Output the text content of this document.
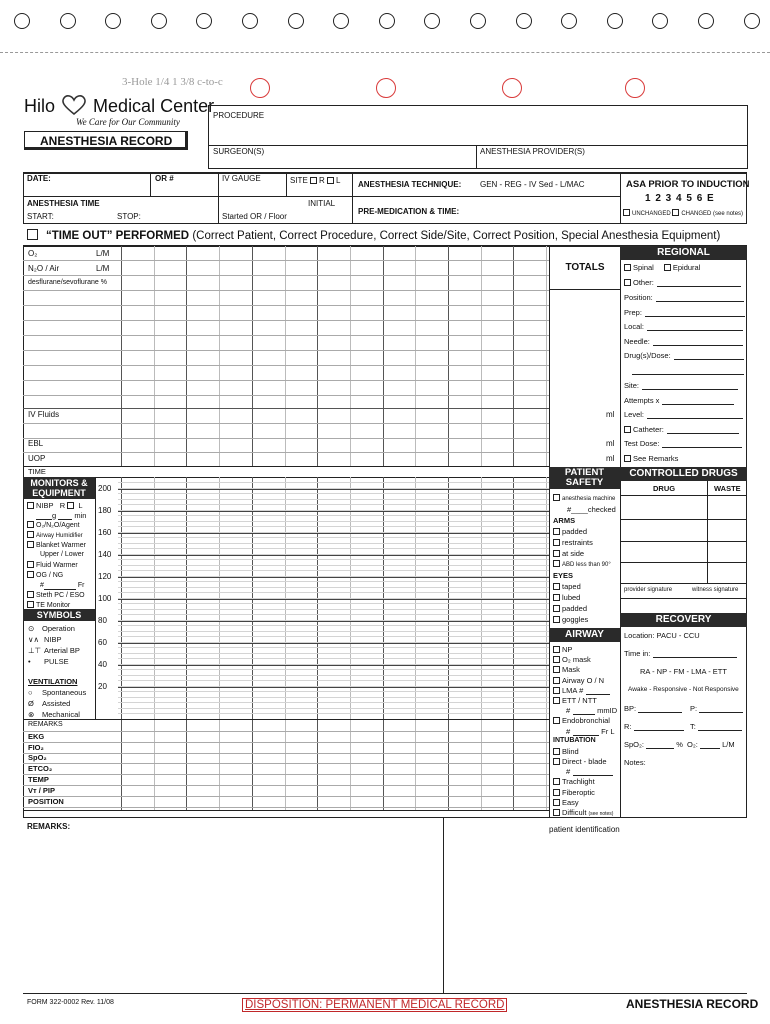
3-Hole 1/4 1 3/8 c-to-c
Hilo Medical Center
We Care for Our Community
ANESTHESIA RECORD
PROCEDURE
SURGEON(S)	ANESTHESIA PROVIDER(S)
DATE:	OR #	IV GAUGE	SITE R L
ANESTHESIA TIME
START:	STOP:
INITIAL
Started OR / Floor
ANESTHESIA TECHNIQUE: GEN - REG - IV Sed - L/MAC
PRE-MEDICATION & TIME:
ASA PRIOR TO INDUCTION
1 2 3 4 5 6 E
UNCHANGED CHANGED (see notes)
“TIME OUT” PERFORMED (Correct Patient, Correct Procedure, Correct Side/Site, Correct Position, Special Anesthesia Equipment)
O₂	L/M
N₂O / Air	L/M
desflurane/sevoflurane %
IV Fluids	ml
EBL	ml
UOP	ml
TOTALS
TIME
MONITORS &
EQUIPMENT
NIBP R L
g min
O₂/N₂O/Agent
Airway Humidifier
Blanket Warmer
Upper / Lower
Fluid Warmer
OG / NG
#	Fr
Steth PC / ESO
TE Monitor
SYMBOLS
⊙ Operation
∨∧ NIBP
⊥⊤ Arterial BP
• PULSE
VENTILATION
○ Spontaneous
Ø Assisted
⊗ Mechanical
200
180
160
140
120
100
80
60
40
20
REMARKS
EKG
FIO₂
SpO₂
ETCO₂
TEMP
Vᴛ / PIP
POSITION
REGIONAL
Spinal	Epidural
Other:
Position:
Prep:
Local:
Needle:
Drug(s)/Dose:
Site:
Attempts x
Level:
Catheter:
Test Dose:
See Remarks
PATIENT
SAFETY
anesthesia machine
#____checked
ARMS
padded
restraints
at side
ABD less than 90°
EYES
taped
lubed
padded
goggles
CONTROLLED DRUGS
DRUG	WASTE
provider signature	witness signature
AIRWAY
NP
O₂ mask
Mask
Airway O / N
LMA #
ETT / NTT
#	mmID
Endobronchial
#	Fr L
INTUBATION
Blind
Direct - blade
#
Trachlight
Fiberoptic
Easy
Difficult (see notes)
RECOVERY
Location: PACU - CCU
Time in:
RA - NP - FM - LMA - ETT
Awake - Responsive - Not Responsive
BP:	P:
R:	T:
SpO₂:	% O₂:	L/M
Notes:
REMARKS:	patient identification
FORM 322-0002 Rev. 11/08	DISPOSITION: PERMANENT MEDICAL RECORD	ANESTHESIA RECORD
